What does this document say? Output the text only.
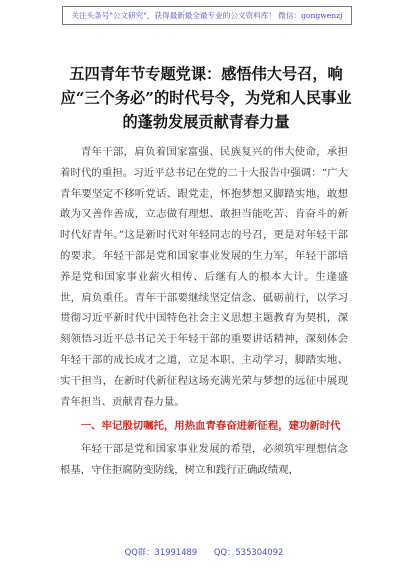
关注头条号"公文研究"，获得最新最全最专业的公文资料库！ 微信：gongwenzj
五四青年节专题党课：感悟伟大号召，响应“三个务必”的时代号令，为党和人民事业的蓬勃发展贡献青春力量

青年干部，肩负着国家富强、民族复兴的伟大使命，承担着时代的重担。习近平总书记在党的二十大报告中强调：“广大青年要坚定不移听党话、跟党走，怀抱梦想又脚踏实地，敢想敢为又善作善成，立志做有理想、敢担当能吃苦、肯奋斗的新时代好青年。”这是新时代对年轻同志的号召，更是对年轻干部的要求。年轻干部是党和国家事业发展的生力军，年轻干部培养是党和国家事业薪火相传、后继有人的根本大计。生逢盛世，肩负重任。青年干部要继续坚定信念、砥砺前行，以学习贯彻习近平新时代中国特色社会主义思想主题教育为契机，深刻领悟习近平总书记关于年轻干部的重要讲话精神，深刻体会年轻干部的成长成才之道，立足本职、主动学习，脚踏实地、实干担当，在新时代新征程这场充满光荣与梦想的远征中展现青年担当、贡献青春力量。

一、牢记殷切嘱托，用热血青春奋进新征程，建功新时代

年轻干部是党和国家事业发展的希望，必须筑牢理想信念根基，守住拒腐防变防线，树立和践行正确政绩观，

QQ群：31991489 QQ：535304092
